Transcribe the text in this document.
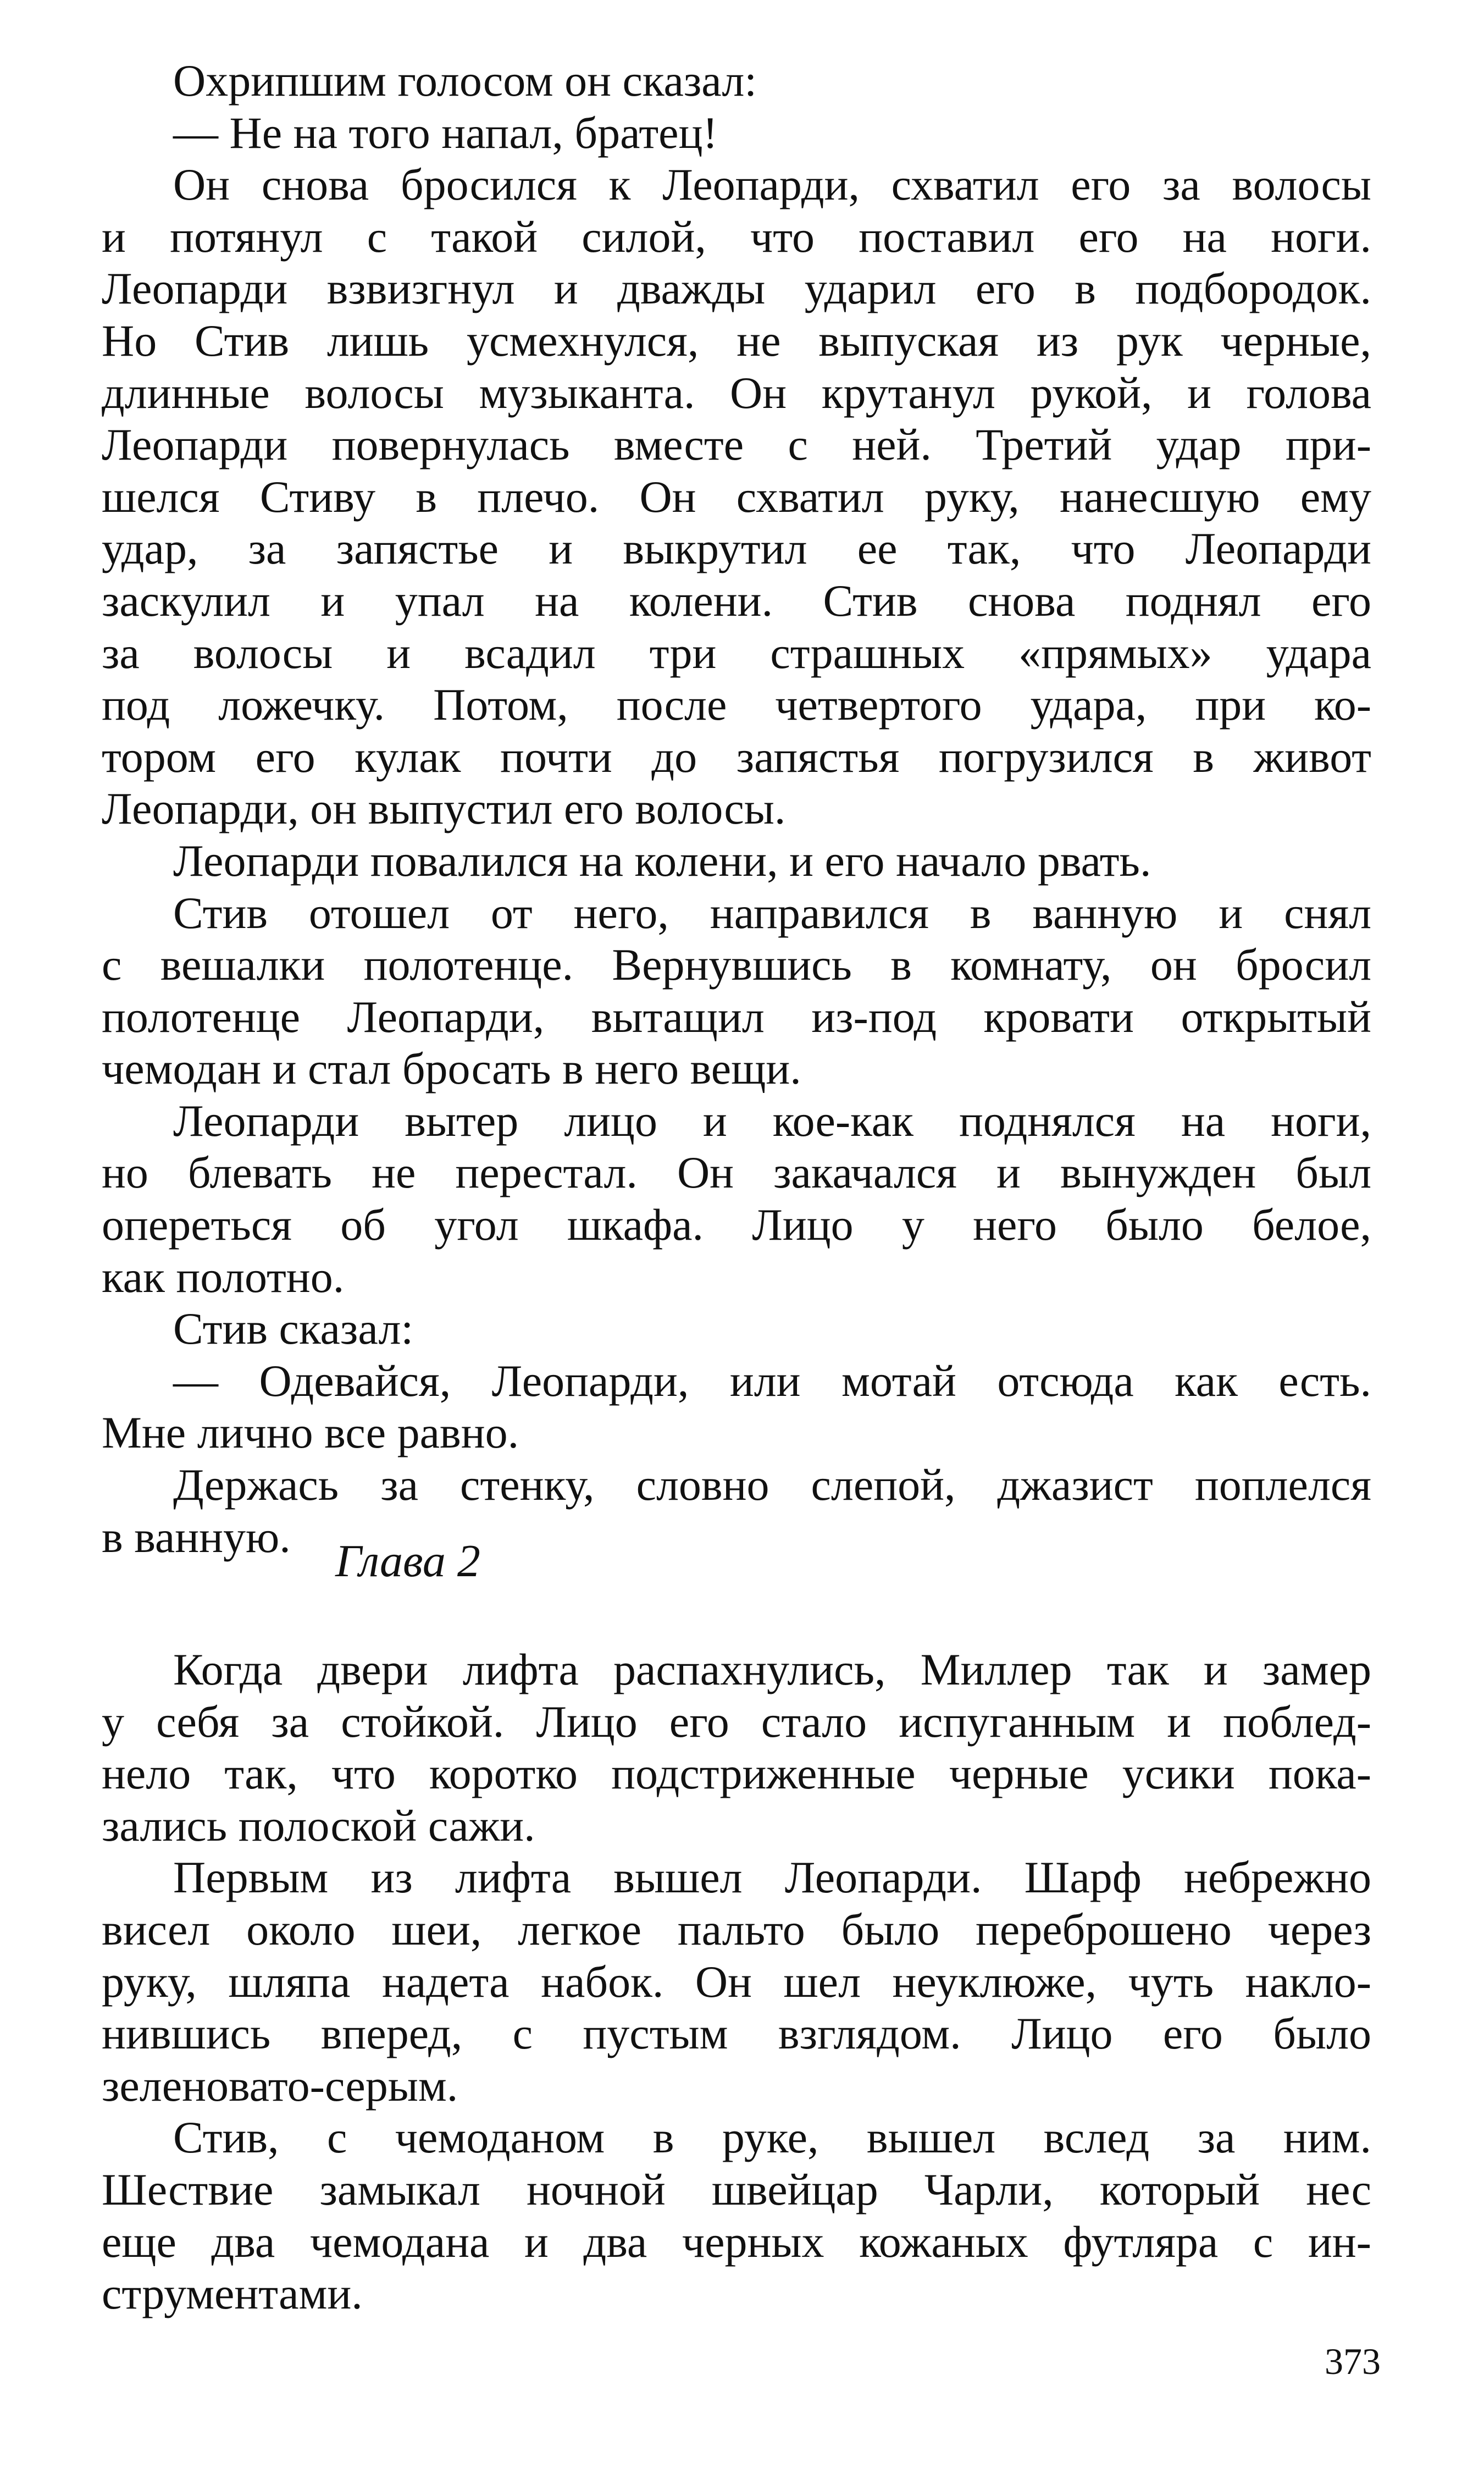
Охрипшим голосом он сказал:
— Не на того напал, братец!
Он снова бросился к Леопарди, схватил его за волосы
и потянул с такой силой, что поставил его на ноги.
Леопарди взвизгнул и дважды ударил его в подбородок.
Но Стив лишь усмехнулся, не выпуская из рук черные,
длинные волосы музыканта. Он крутанул рукой, и голова
Леопарди повернулась вместе с ней. Третий удар при-
шелся Стиву в плечо. Он схватил руку, нанесшую ему
удар, за запястье и выкрутил ее так, что Леопарди
заскулил и упал на колени. Стив снова поднял его
за волосы и всадил три страшных «прямых» удара
под ложечку. Потом, после четвертого удара, при ко-
тором его кулак почти до запястья погрузился в живот
Леопарди, он выпустил его волосы.
Леопарди повалился на колени, и его начало рвать.
Стив отошел от него, направился в ванную и снял
с вешалки полотенце. Вернувшись в комнату, он бросил
полотенце Леопарди, вытащил из-под кровати открытый
чемодан и стал бросать в него вещи.
Леопарди вытер лицо и кое-как поднялся на ноги,
но блевать не перестал. Он закачался и вынужден был
опереться об угол шкафа. Лицо у него было белое,
как полотно.
Стив сказал:
— Одевайся, Леопарди, или мотай отсюда как есть.
Мне лично все равно.
Держась за стенку, словно слепой, джазист поплелся
в ванную. Глава 2
Когда двери лифта распахнулись, Миллер так и замер
у себя за стойкой. Лицо его стало испуганным и поблед-
нело так, что коротко подстриженные черные усики пока-
зались полоской сажи.
Первым из лифта вышел Леопарди. Шарф небрежно
висел около шеи, легкое пальто было переброшено через
руку, шляпа надета набок. Он шел неуклюже, чуть накло-
нившись вперед, с пустым взглядом. Лицо его было
зеленовато-серым.
Стив, с чемоданом в руке, вышел вслед за ним.
Шествие замыкал ночной швейцар Чарли, который нес
еще два чемодана и два черных кожаных футляра с ин-
струментами.
373
